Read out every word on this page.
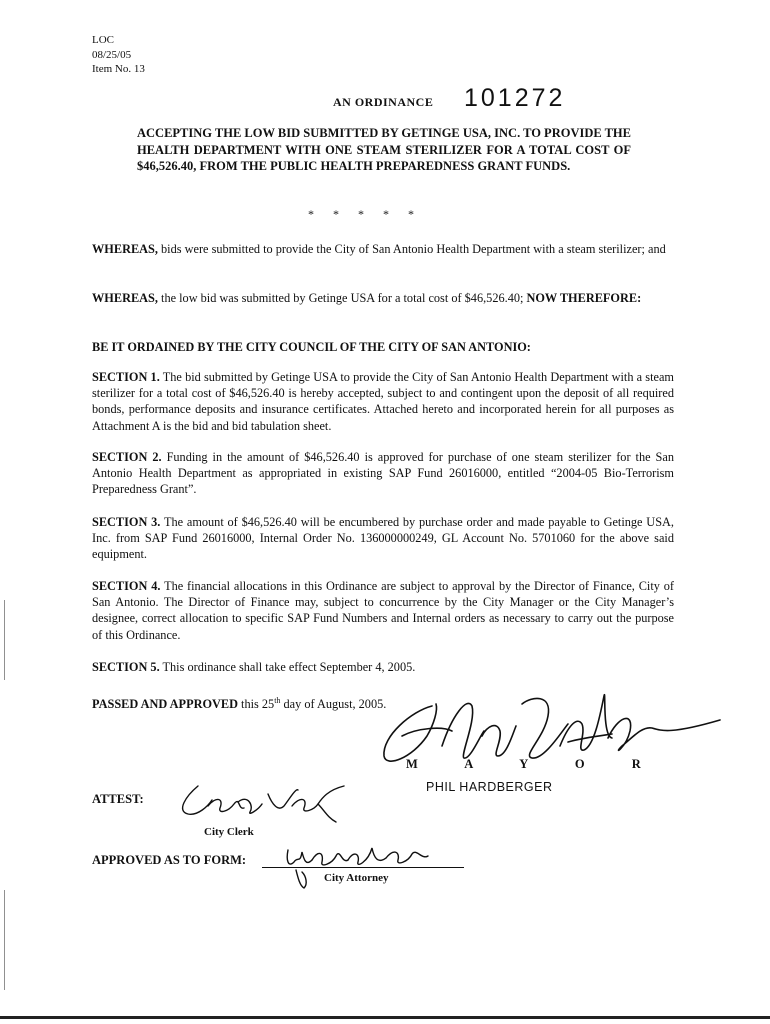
LOC
08/25/05
Item No. 13
AN ORDINANCE 101272
ACCEPTING THE LOW BID SUBMITTED BY GETINGE USA, INC. TO PROVIDE THE HEALTH DEPARTMENT WITH ONE STEAM STERILIZER FOR A TOTAL COST OF $46,526.40, FROM THE PUBLIC HEALTH PREPAREDNESS GRANT FUNDS.
* * * * *
WHEREAS, bids were submitted to provide the City of San Antonio Health Department with a steam sterilizer; and
WHEREAS, the low bid was submitted by Getinge USA for a total cost of $46,526.40; NOW THEREFORE:
BE IT ORDAINED BY THE CITY COUNCIL OF THE CITY OF SAN ANTONIO:
SECTION 1. The bid submitted by Getinge USA to provide the City of San Antonio Health Department with a steam sterilizer for a total cost of $46,526.40 is hereby accepted, subject to and contingent upon the deposit of all required bonds, performance deposits and insurance certificates. Attached hereto and incorporated herein for all purposes as Attachment A is the bid and bid tabulation sheet.
SECTION 2. Funding in the amount of $46,526.40 is approved for purchase of one steam sterilizer for the San Antonio Health Department as appropriated in existing SAP Fund 26016000, entitled “2004-05 Bio-Terrorism Preparedness Grant”.
SECTION 3. The amount of $46,526.40 will be encumbered by purchase order and made payable to Getinge USA, Inc. from SAP Fund 26016000, Internal Order No. 136000000249, GL Account No. 5701060 for the above said equipment.
SECTION 4. The financial allocations in this Ordinance are subject to approval by the Director of Finance, City of San Antonio. The Director of Finance may, subject to concurrence by the City Manager or the City Manager’s designee, correct allocation to specific SAP Fund Numbers and Internal orders as necessary to carry out the purpose of this Ordinance.
SECTION 5. This ordinance shall take effect September 4, 2005.
PASSED AND APPROVED this 25th day of August, 2005.
M A Y O R
PHIL HARDBERGER
ATTEST:
City Clerk
APPROVED AS TO FORM:
City Attorney
